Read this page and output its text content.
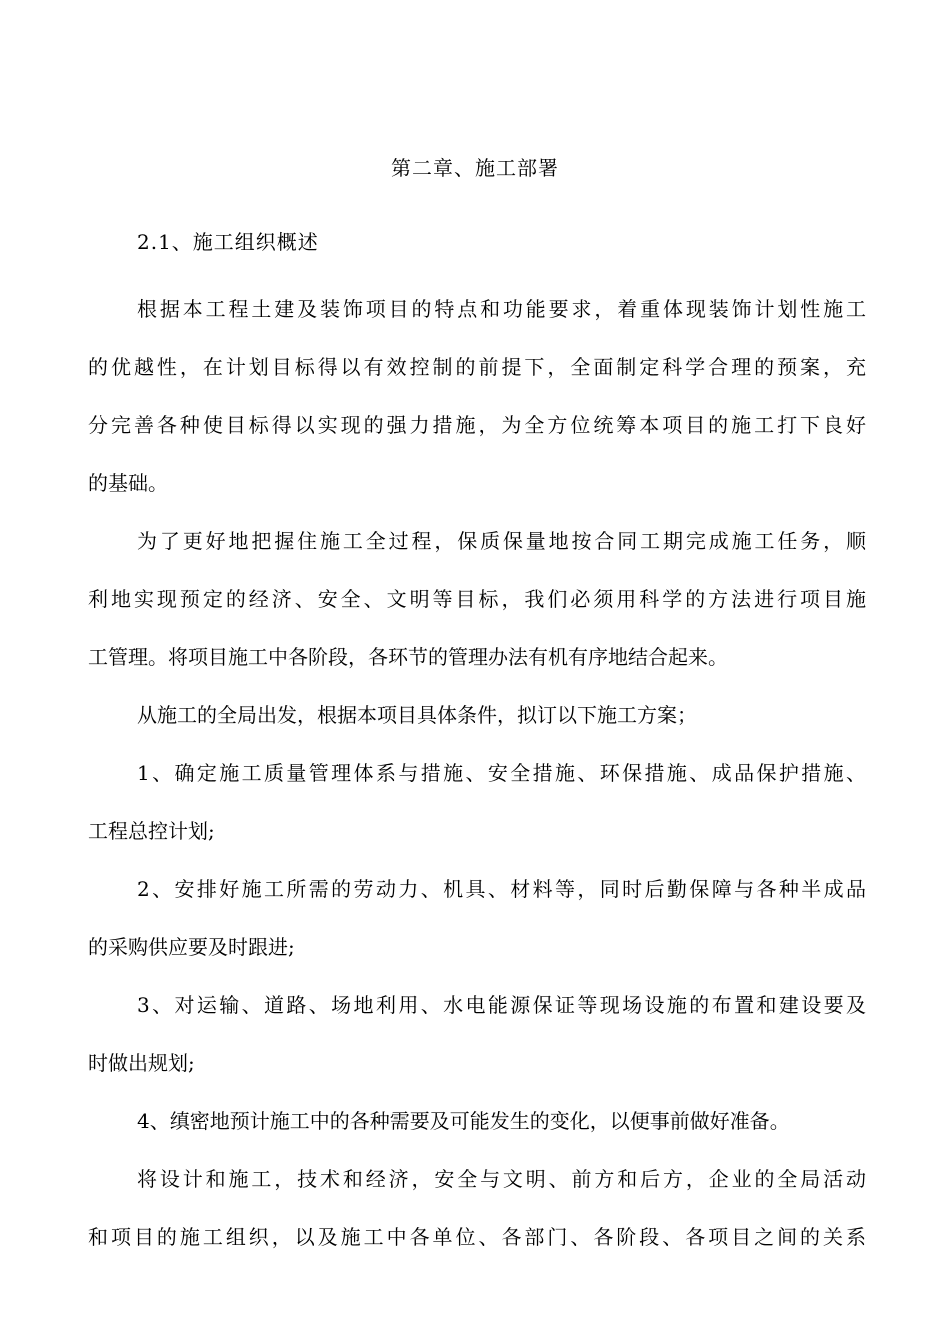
第二章、施工部署
2.1、施工组织概述
根据本工程土建及装饰项目的特点和功能要求，着重体现装饰计划性施工
的优越性，在计划目标得以有效控制的前提下，全面制定科学合理的预案，充
分完善各种使目标得以实现的强力措施，为全方位统筹本项目的施工打下良好
的基础。
为了更好地把握住施工全过程，保质保量地按合同工期完成施工任务，顺
利地实现预定的经济、安全、文明等目标，我们必须用科学的方法进行项目施
工管理。将项目施工中各阶段，各环节的管理办法有机有序地结合起来。
从施工的全局出发，根据本项目具体条件，拟订以下施工方案；
1、确定施工质量管理体系与措施、安全措施、环保措施、成品保护措施、
工程总控计划;
2、安排好施工所需的劳动力、机具、材料等，同时后勤保障与各种半成品
的采购供应要及时跟进;
3、对运输、道路、场地利用、水电能源保证等现场设施的布置和建设要及
时做出规划;
4、缜密地预计施工中的各种需要及可能发生的变化，以便事前做好准备。
将设计和施工，技术和经济，安全与文明、前方和后方，企业的全局活动
和项目的施工组织，以及施工中各单位、各部门、各阶段、各项目之间的关系
